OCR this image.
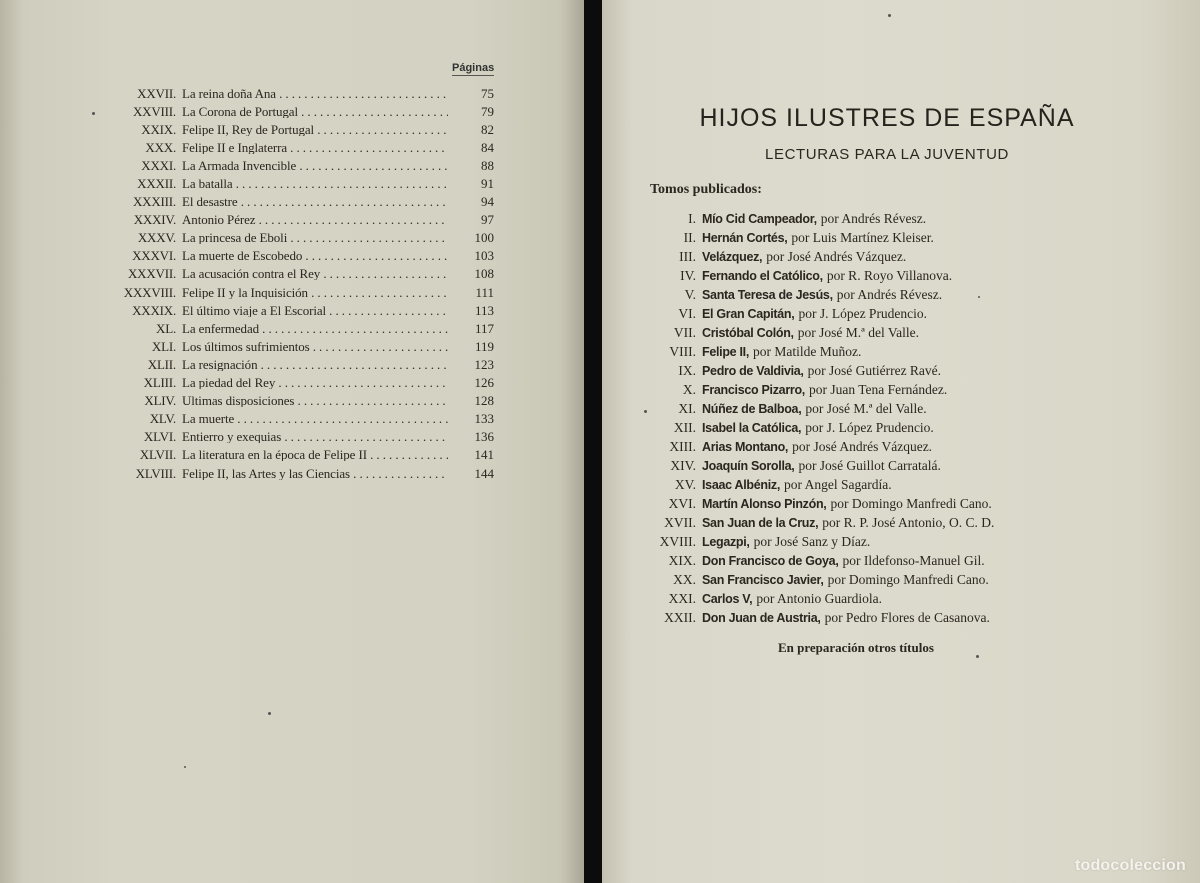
Páginas
XXVII. La reina doña Ana . . .	75
XXVIII. La Corona de Portugal . . .	79
XXIX. Felipe II, Rey de Portugal . . .	82
XXX. Felipe II e Inglaterra . . .	84
XXXI. La Armada Invencible . . .	88
XXXII. La batalla . . .	91
XXXIII. El desastre . . .	94
XXXIV. Antonio Pérez . . .	97
XXXV. La princesa de Eboli . . .	100
XXXVI. La muerte de Escobedo . . .	103
XXXVII. La acusación contra el Rey . . .	108
XXXVIII. Felipe II y la Inquisición . . .	111
XXXIX. El último viaje a El Escorial . . .	113
XL. La enfermedad . . .	117
XLI. Los últimos sufrimientos . . .	119
XLII. La resignación . . .	123
XLIII. La piedad del Rey . . .	126
XLIV. Ultimas disposiciones . . .	128
XLV. La muerte . . .	133
XLVI. Entierro y exequias . . .	136
XLVII. La literatura en la época de Felipe II . . .	141
XLVIII. Felipe II, las Artes y las Ciencias . . .	144
HIJOS ILUSTRES DE ESPAÑA
LECTURAS PARA LA JUVENTUD
Tomos publicados:
I. Mío Cid Campeador, por Andrés Révesz.
II. Hernán Cortés, por Luis Martínez Kleiser.
III. Velázquez, por José Andrés Vázquez.
IV. Fernando el Católico, por R. Royo Villanova.
V. Santa Teresa de Jesús, por Andrés Révesz.
VI. El Gran Capitán, por J. López Prudencio.
VII. Cristóbal Colón, por José M.ª del Valle.
VIII. Felipe II, por Matilde Muñoz.
IX. Pedro de Valdivia, por José Gutiérrez Ravé.
X. Francisco Pizarro, por Juan Tena Fernández.
XI. Núñez de Balboa, por José M.ª del Valle.
XII. Isabel la Católica, por J. López Prudencio.
XIII. Arias Montano, por José Andrés Vázquez.
XIV. Joaquín Sorolla, por José Guillot Carratalá.
XV. Isaac Albéniz, por Angel Sagardía.
XVI. Martín Alonso Pinzón, por Domingo Manfredi Cano.
XVII. San Juan de la Cruz, por R. P. José Antonio, O. C. D.
XVIII. Legazpi, por José Sanz y Díaz.
XIX. Don Francisco de Goya, por Ildefonso-Manuel Gil.
XX. San Francisco Javier, por Domingo Manfredi Cano.
XXI. Carlos V, por Antonio Guardiola.
XXII. Don Juan de Austria, por Pedro Flores de Casanova.
En preparación otros títulos
todocoleccion
